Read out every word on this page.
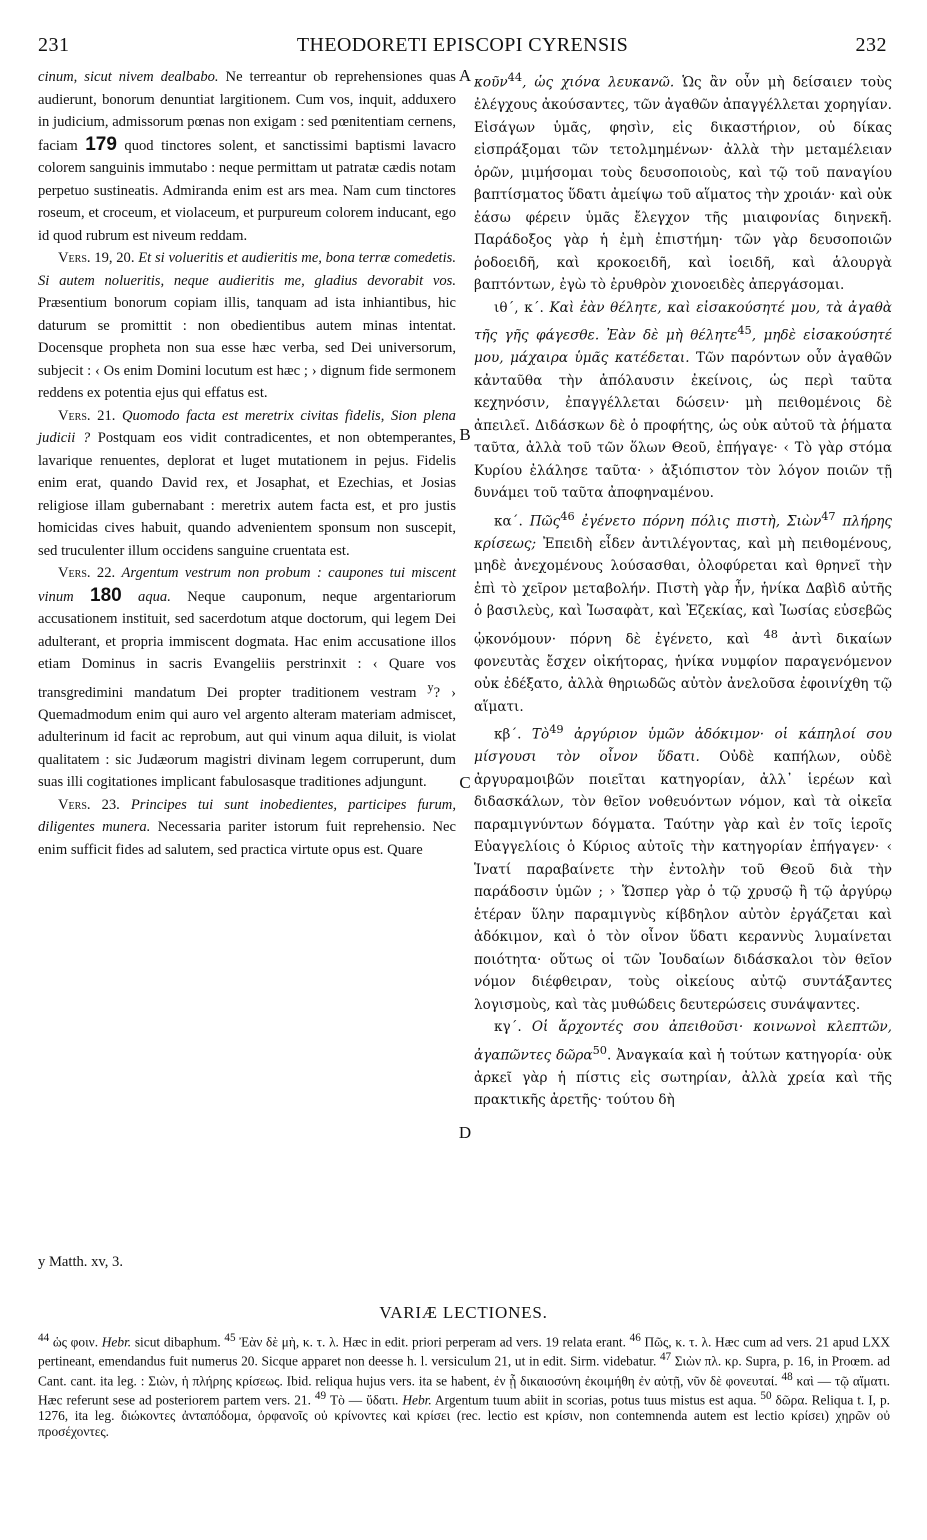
231	THEODORETI EPISCOPI CYRENSIS	232

cinum, sicut nivem dealbabo. Ne terreantur ob reprehensiones quas audierunt, bonorum denuntiat largitionem. Cum vos, inquit, adduxero in judicium, admissorum pœnas non exigam : sed pœnitentiam cernens, faciam 179 quod tinctores solent, et sanctissimi baptismi lavacro colorem sanguinis immutabo : neque permittam ut patratæ cædis notam perpetuo sustineatis. Admiranda enim est ars mea. Nam cum tinctores roseum, et croceum, et violaceum, et purpureum colorem inducant, ego id quod rubrum est niveum reddam.

Vers. 19, 20. Et si volueritis et audieritis me, bona terræ comedetis. Si autem nolueritis, neque audieritis me, gladius devorabit vos. Præsentium bonorum copiam illis, tanquam ad ista inhiantibus, hic daturum se promittit : non obedientibus autem minas intentat. Docensque propheta non sua esse hæc verba, sed Dei universorum, subjecit : ‹ Os enim Domini locutum est hæc ; › dignum fide sermonem reddens ex potentia ejus qui effatus est.

Vers. 21. Quomodo facta est meretrix civitas fidelis, Sion plena judicii ? Postquam eos vidit contradicentes, et non obtemperantes, lavarique renuentes, deplorat et luget mutationem in pejus. Fidelis enim erat, quando David rex, et Josaphat, et Ezechias, et Josias religiose illam gubernabant : meretrix autem facta est, et pro justis homicidas cives habuit, quando advenientem sponsum non suscepit, sed truculenter illum occidens sanguine cruentata est.

Vers. 22. Argentum vestrum non probum : caupones tui miscent vinum 180 aqua. Neque cauponum, neque argentariorum accusationem instituit, sed sacerdotum atque doctorum, qui legem Dei adulterant, et propria immiscent dogmata. Hac enim accusatione illos etiam Dominus in sacris Evangeliis perstrinxit : ‹ Quare vos transgredimini mandatum Dei propter traditionem vestram $^y$? › Quemadmodum enim qui auro vel argento alteram materiam admiscet, adulterinum id facit ac reprobum, aut qui vinum aqua diluit, is violat qualitatem : sic Judæorum magistri divinam legem corruperunt, dum suas illi cogitationes implicant fabulosasque traditiones adjungunt.

Vers. 23. Principes tui sunt inobedientes, participes furum, diligentes munera. Necessaria pariter istorum fuit reprehensio. Nec enim sufficit fides ad salutem, sed practica virtute opus est. Quare

A
B
C
D

κοῦν$^{44}$, ὡς χιόνα λευκανῶ. Ὡς ἂν οὖν μὴ δείσαιεν τοὺς ἐλέγχους ἀκούσαντες, τῶν ἀγαθῶν ἀπαγγέλλεται χορηγίαν. Εἰσάγων ὑμᾶς, φησὶν, εἰς δικαστήριον, οὐ δίκας εἰσπράξομαι τῶν τετολμημένων· ἀλλὰ τὴν μεταμέλειαν ὁρῶν, μιμήσομαι τοὺς δευσοποιοὺς, καὶ τῷ τοῦ παναγίου βαπτίσματος ὕδατι ἀμείψω τοῦ αἵματος τὴν χροιάν· καὶ οὐκ ἐάσω φέρειν ὑμᾶς ἔλεγχον τῆς μιαιφονίας διηνεκῆ. Παράδοξος γὰρ ἡ ἐμὴ ἐπιστήμη· τῶν γὰρ δευσοποιῶν ῥοδοειδῆ, καὶ κροκοειδῆ, καὶ ἰοειδῆ, καὶ ἁλουργὰ βαπτόντων, ἐγὼ τὸ ἐρυθρὸν χιονοειδὲς ἀπεργάσομαι.

ιθ΄, κ΄. Καὶ ἐὰν θέλητε, καὶ εἰσακούσητέ μου, τὰ ἀγαθὰ τῆς γῆς φάγεσθε. Ἐὰν δὲ μὴ θέλητε$^{45}$, μηδὲ εἰσακούσητέ μου, μάχαιρα ὑμᾶς κατέδεται. Τῶν παρόντων οὖν ἀγαθῶν κἀνταῦθα τὴν ἀπόλαυσιν ἐκείνοις, ὡς περὶ ταῦτα κεχηνόσιν, ἐπαγγέλλεται δώσειν· μὴ πειθομένοις δὲ ἀπειλεῖ. Διδάσκων δὲ ὁ προφήτης, ὡς οὐκ αὐτοῦ τὰ ῥήματα ταῦτα, ἀλλὰ τοῦ τῶν ὅλων Θεοῦ, ἐπήγαγε· ‹ Τὸ γὰρ στόμα Κυρίου ἐλάλησε ταῦτα· › ἀξιόπιστον τὸν λόγον ποιῶν τῇ δυνάμει τοῦ ταῦτα ἀποφηναμένου.

κα΄. Πῶς$^{46}$ ἐγένετο πόρνη πόλις πιστὴ, Σιὼν$^{47}$ πλήρης κρίσεως; Ἐπειδὴ εἶδεν ἀντιλέγοντας, καὶ μὴ πειθομένους, μηδὲ ἀνεχομένους λούσασθαι, ὀλοφύρεται καὶ θρηνεῖ τὴν ἐπὶ τὸ χεῖρον μεταβολήν. Πιστὴ γὰρ ἦν, ἡνίκα Δαβὶδ αὐτῆς ὁ βασιλεὺς, καὶ Ἰωσαφὰτ, καὶ Ἐζεκίας, καὶ Ἰωσίας εὐσεβῶς ᾠκονόμουν· πόρνη δὲ ἐγένετο, καὶ $^{48}$ ἀντὶ δικαίων φονευτὰς ἔσχεν οἰκήτορας, ἡνίκα νυμφίον παραγενόμενον οὐκ ἐδέξατο, ἀλλὰ θηριωδῶς αὐτὸν ἀνελοῦσα ἐφοινίχθη τῷ αἵματι.

κβ΄. Τὸ$^{49}$ ἀργύριον ὑμῶν ἀδόκιμον· οἱ κάπηλοί σου μίσγουσι τὸν οἶνον ὕδατι. Οὐδὲ καπήλων, οὐδὲ ἀργυραμοιβῶν ποιεῖται κατηγορίαν, ἀλλ᾽ ἱερέων καὶ διδασκάλων, τὸν θεῖον νοθευόντων νόμον, καὶ τὰ οἰκεῖα παραμιγνύντων δόγματα. Ταύτην γὰρ καὶ ἐν τοῖς ἱεροῖς Εὐαγγελίοις ὁ Κύριος αὐτοῖς τὴν κατηγορίαν ἐπήγαγεν· ‹ Ἱνατί παραβαίνετε τὴν ἐντολὴν τοῦ Θεοῦ διὰ τὴν παράδοσιν ὑμῶν ; › Ὥσπερ γὰρ ὁ τῷ χρυσῷ ἢ τῷ ἀργύρῳ ἑτέραν ὕλην παραμιγνὺς κίβδηλον αὐτὸν ἐργάζεται καὶ ἀδόκιμον, καὶ ὁ τὸν οἶνον ὕδατι κεραννὺς λυμαίνεται ποιότητα· οὕτως οἱ τῶν Ἰουδαίων διδάσκαλοι τὸν θεῖον νόμον διέφθειραν, τοὺς οἰκείους αὐτῷ συντάξαντες λογισμοὺς, καὶ τὰς μυθώδεις δευτερώσεις συνάψαντες.

κγ΄. Οἱ ἄρχοντές σου ἀπειθοῦσι· κοινωνοὶ κλεπτῶν, ἀγαπῶντες δῶρα$^{50}$. Ἀναγκαία καὶ ἡ τούτων κατηγορία· οὐκ ἀρκεῖ γὰρ ἡ πίστις εἰς σωτηρίαν, ἀλλὰ χρεία καὶ τῆς πρακτικῆς ἀρετῆς· τούτου δὴ

y Matth. xv, 3.
VARIÆ LECTIONES.

$^{44}$ ὡς φοιν. Hebr. sicut dibaphum. $^{45}$ Ἐὰν δὲ μὴ, κ. τ. λ. Hæc in edit. priori perperam ad vers. 19 relata erant. $^{46}$ Πῶς, κ. τ. λ. Hæc cum ad vers. 21 apud LXX pertineant, emendandus fuit numerus 20. Sicque apparet non deesse h. l. versiculum 21, ut in edit. Sirm. videbatur. $^{47}$ Σιὼν πλ. κρ. Supra, p. 16, in Proœm. ad Cant. cant. ita leg. : Σιὼν, ἡ πλήρης κρίσεως. Ibid. reliqua hujus vers. ita se habent, ἐν ᾗ δικαιοσύνη ἐκοιμήθη ἐν αὐτῇ, νῦν δὲ φονευταί. $^{48}$ καὶ — τῷ αἵματι. Hæc referunt sese ad posteriorem partem vers. 21. $^{49}$ Τὸ — ὕδατι. Hebr. Argentum tuum abiit in scorias, potus tuus mistus est aqua. $^{50}$ δῶρα. Reliqua t. I, p. 1276, ita leg. διώκοντες ἀνταπόδομα, ὀρφανοῖς οὐ κρίνοντες καὶ κρίσει (rec. lectio est κρίσιν, non contemnenda autem est lectio κρίσει) χηρῶν οὐ προσέχοντες.
